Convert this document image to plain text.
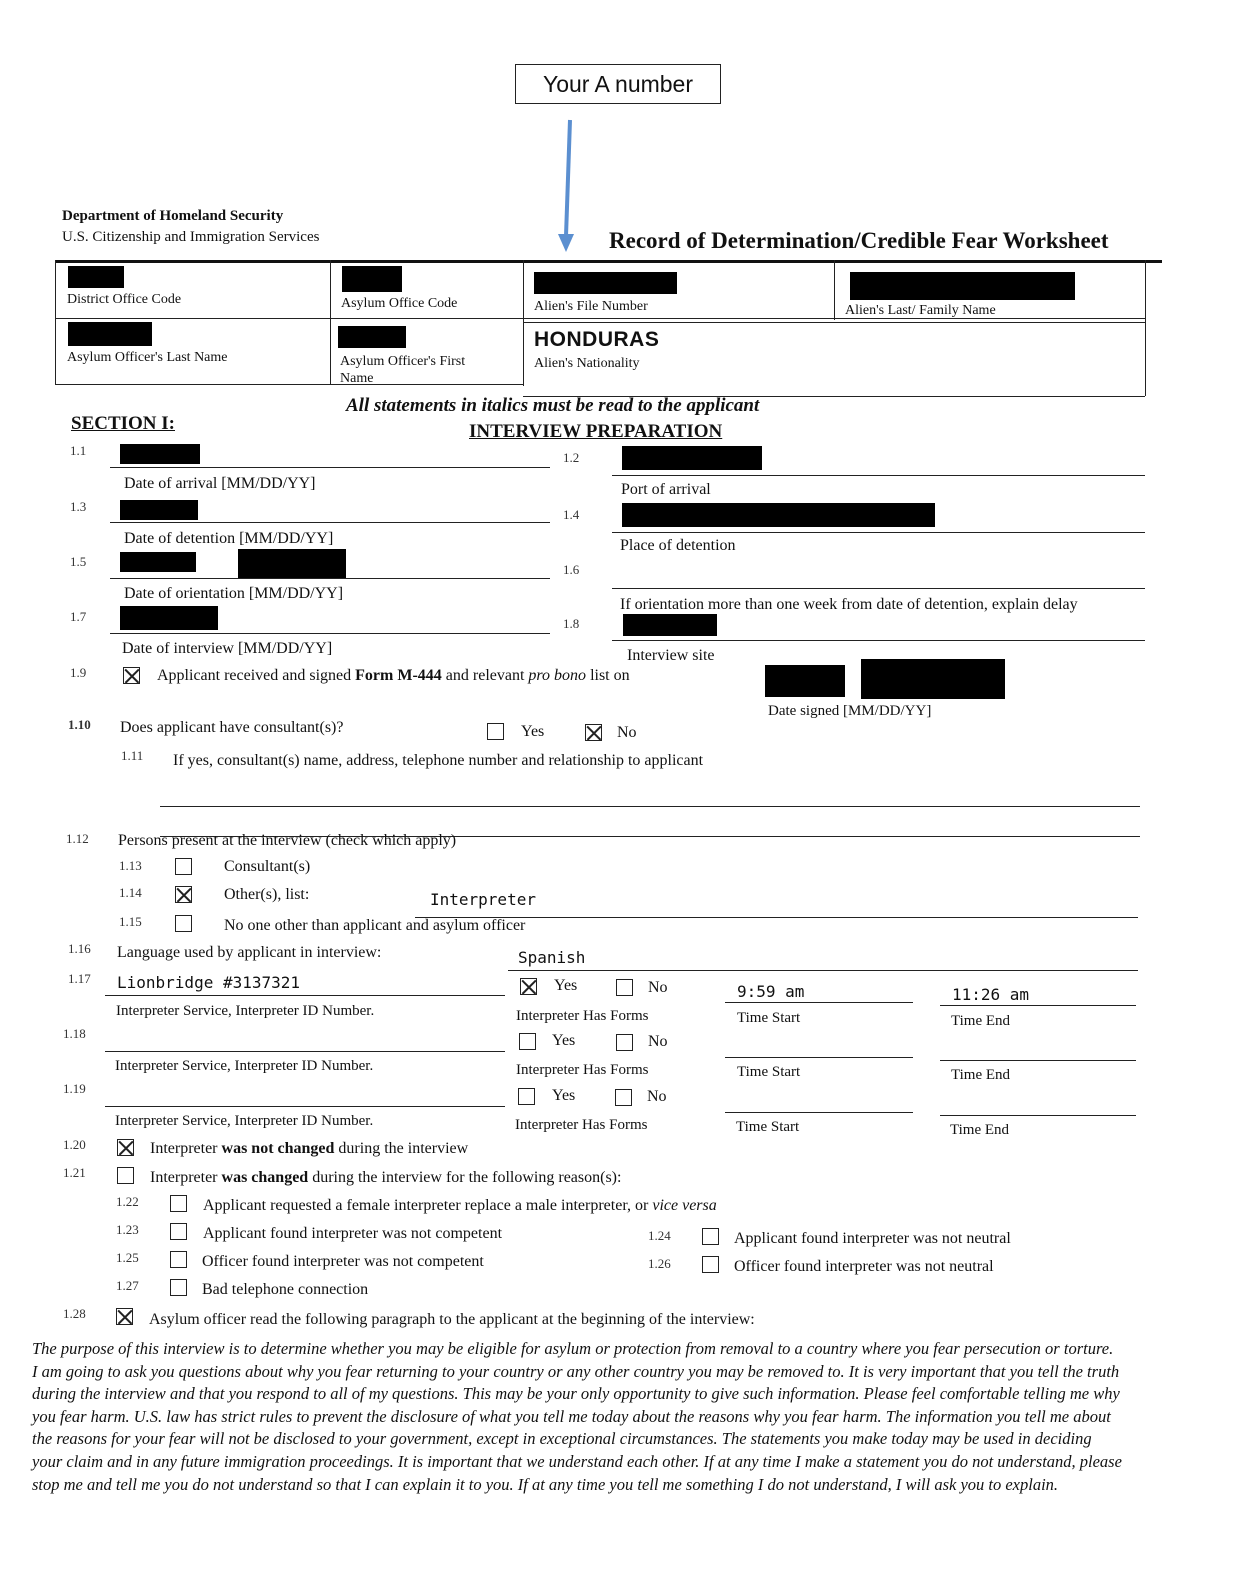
Your A number
Department of Homeland Security
U.S. Citizenship and Immigration Services	Record of Determination/Credible Fear Worksheet
District Office Code	Asylum Office Code	Alien's File Number	Alien's Last/ Family Name
Asylum Officer's Last Name	Asylum Officer's First Name
HONDURAS
Alien's Nationality
All statements in italics must be read to the applicant
SECTION I:	INTERVIEW PREPARATION
1.1
Date of arrival [MM/DD/YY]
1.2
Port of arrival
1.3
Date of detention [MM/DD/YY]
1.4
Place of detention
1.5
Date of orientation [MM/DD/YY]
1.6
If orientation more than one week from date of detention, explain delay
1.7
Date of interview [MM/DD/YY]
1.8
Interview site
1.9	Applicant received and signed Form M-444 and relevant pro bono list on
Date signed [MM/DD/YY]
1.10 Does applicant have consultant(s)?	Yes	No
1.11 If yes, consultant(s) name, address, telephone number and relationship to applicant
1.12 Persons present at the interview (check which apply)
1.13	Consultant(s)
1.14	Other(s), list:	Interpreter
1.15	No one other than applicant and asylum officer
1.16 Language used by applicant in interview:	Spanish
1.17 Lionbridge #3137321
Interpreter Service, Interpreter ID Number.
Yes	No
Interpreter Has Forms
9:59 am
Time Start
11:26 am
Time End
1.18
Interpreter Service, Interpreter ID Number.
Yes	No
Interpreter Has Forms	Time Start	Time End
1.19
Interpreter Service, Interpreter ID Number.
Yes	No
Interpreter Has Forms	Time Start	Time End
1.20	Interpreter was not changed during the interview
1.21	Interpreter was changed during the interview for the following reason(s):
1.22	Applicant requested a female interpreter replace a male interpreter, or vice versa
1.23	Applicant found interpreter was not competent	1.24	Applicant found interpreter was not neutral
1.25	Officer found interpreter was not competent	1.26	Officer found interpreter was not neutral
1.27	Bad telephone connection
1.28	Asylum officer read the following paragraph to the applicant at the beginning of the interview:
The purpose of this interview is to determine whether you may be eligible for asylum or protection from removal to a country where you fear persecution or torture. I am going to ask you questions about why you fear returning to your country or any other country you may be removed to. It is very important that you tell the truth during the interview and that you respond to all of my questions. This may be your only opportunity to give such information. Please feel comfortable telling me why you fear harm. U.S. law has strict rules to prevent the disclosure of what you tell me today about the reasons why you fear harm. The information you tell me about the reasons for your fear will not be disclosed to your government, except in exceptional circumstances. The statements you make today may be used in deciding your claim and in any future immigration proceedings. It is important that we understand each other. If at any time I make a statement you do not understand, please stop me and tell me you do not understand so that I can explain it to you. If at any time you tell me something I do not understand, I will ask you to explain.
